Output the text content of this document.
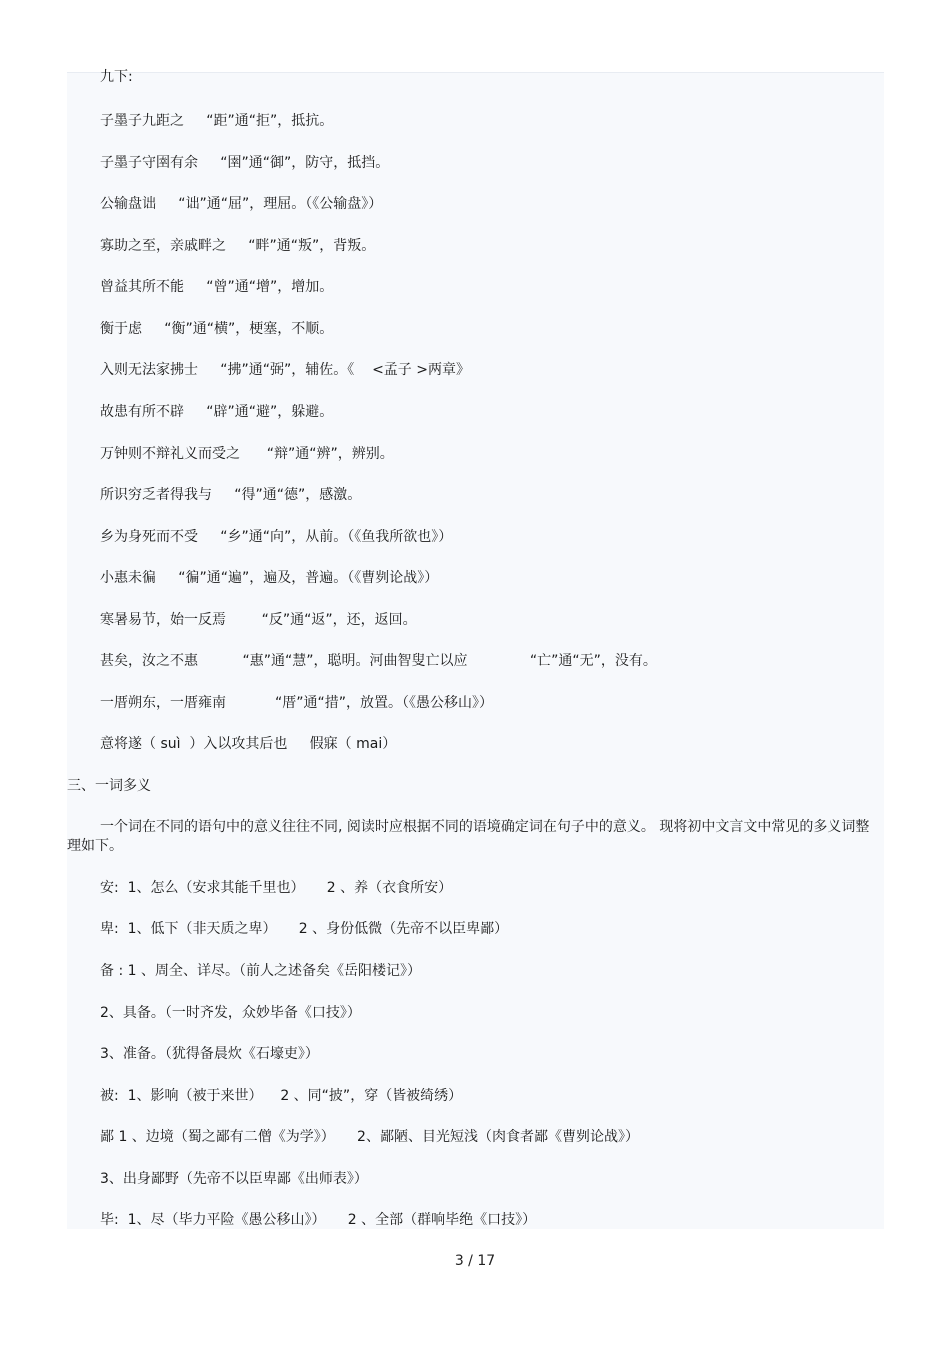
九下:
子墨子九距之     “距”通“拒”，抵抗。
子墨子守圉有余     “圉”通“御”，防守，抵挡。
公输盘诎     “诎”通“屈”，理屈。（《公输盘》）
寡助之至，亲戚畔之     “畔”通“叛”，背叛。
曾益其所不能     “曾”通“增”，增加。
衡于虑     “衡”通“横”，梗塞，不顺。
入则无法家拂士     “拂”通“弼”，辅佐。《    <孟子 >两章》
故患有所不辟     “辟”通“避”，躲避。
万钟则不辩礼义而受之      “辩”通“辨”，辨别。
所识穷乏者得我与     “得”通“德”，感激。
乡为身死而不受     “乡”通“向”，从前。（《鱼我所欲也》）
小惠未徧     “徧”通“遍”，遍及，普遍。（《曹刿论战》）
寒暑易节，始一反焉        “反”通“返”，还，返回。
甚矣，汝之不惠          “惠”通“慧”，聪明。河曲智叟亡以应              “亡”通“无”，没有。
一厝朔东，一厝雍南           “厝”通“措”，放置。（《愚公移山》）
意将遂（ suì  ）入以攻其后也     假寐（ mai）
三、一词多义
一个词在不同的语句中的意义往往不同, 阅读时应根据不同的语境确定词在句子中的意义。 现将初中文言文中常见的多义词整理如下。
安:  1、怎么（安求其能千里也）     2 、养（衣食所安）
卑:  1、低下（非天质之卑）     2 、身份低微（先帝不以臣卑鄙）
备 : 1 、周全、详尽。（前人之述备矣《岳阳楼记》）
2、具备。（一时齐发，众妙毕备《口技》）
3、准备。（犹得备晨炊《石壕吏》）
被:  1、影响（被于来世）    2 、同“披”，穿（皆被绮绣）
鄙 1 、边境（蜀之鄙有二僧《为学》）     2、鄙陋、目光短浅（肉食者鄙《曹刿论战》）
3、出身鄙野（先帝不以臣卑鄙《出师表》）
毕:  1、尽（毕力平险《愚公移山》）     2 、全部（群响毕绝《口技》）
3 / 17
